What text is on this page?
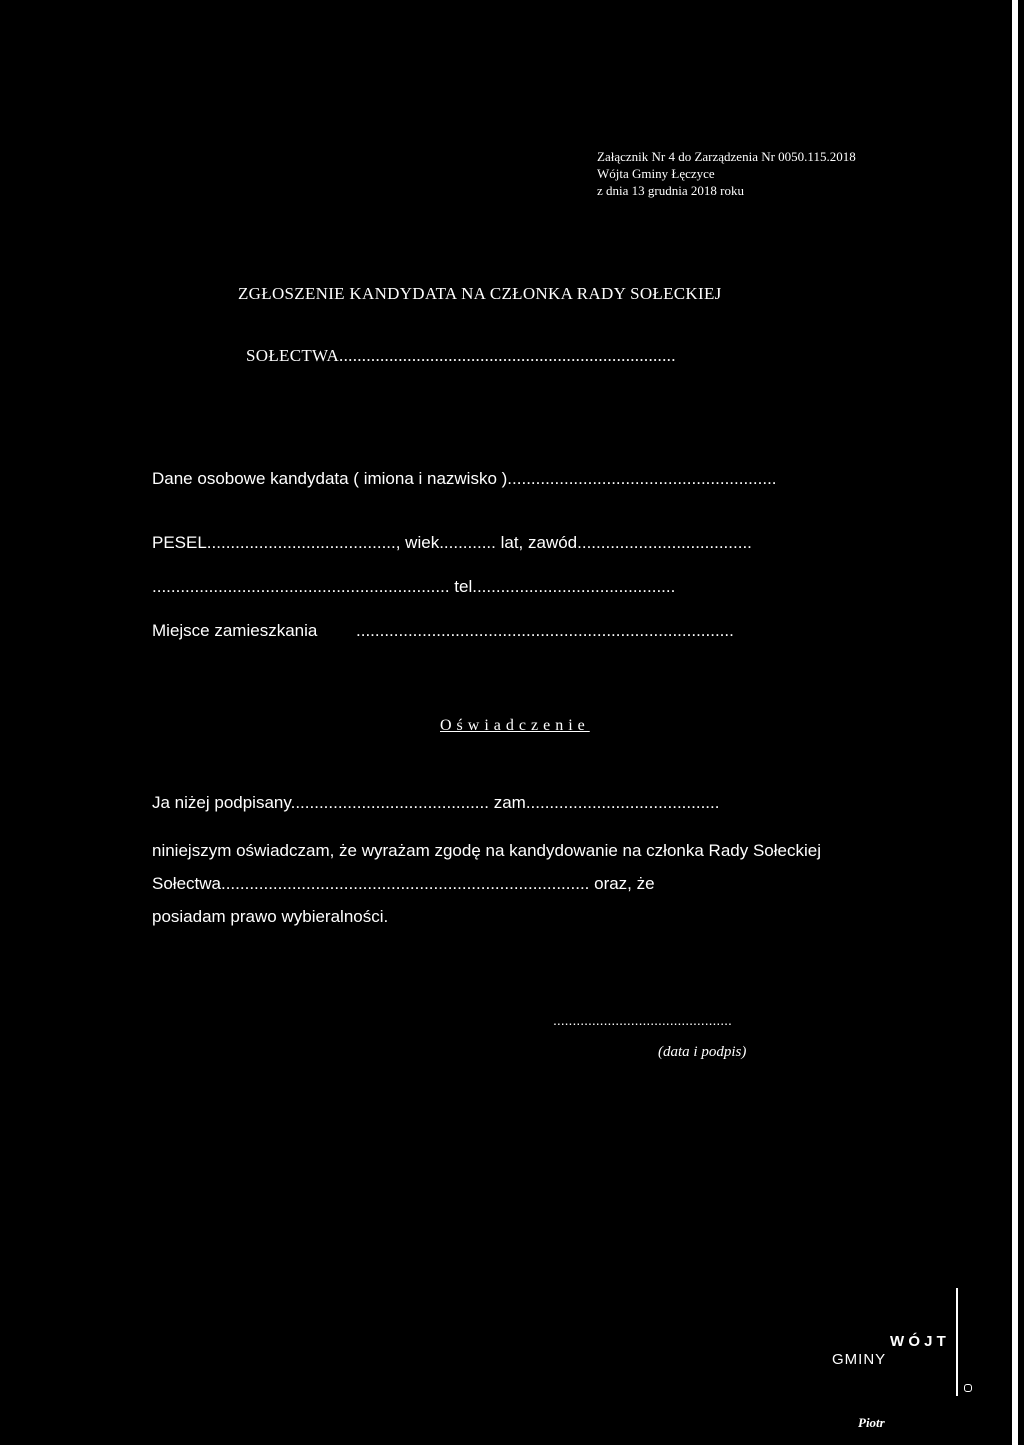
Załącznik Nr 4 do Zarządzenia Nr 0050.115.2018
Wójta Gminy Łęczyce
z dnia 13 grudnia 2018 roku
ZGŁOSZENIE KANDYDATA NA CZŁONKA RADY SOŁECKIEJ
SOŁECTWA..........................................................................
Dane osobowe kandydata ( imiona i nazwisko ).........................................................
PESEL........................................, wiek............ lat, zawód.....................................
............................................................... tel...........................................
Miejsce zamieszkania ................................................................................
Oświadczenie
Ja niżej podpisany.......................................... zam.........................................
niniejszym oświadczam, że wyrażam zgodę na kandydowanie na członka Rady Sołeckiej
Sołectwa.............................................................................. oraz, że
posiadam prawo wybieralności.
..............................................
(data i podpis)
W Ó J T
GMINY
Piotr
